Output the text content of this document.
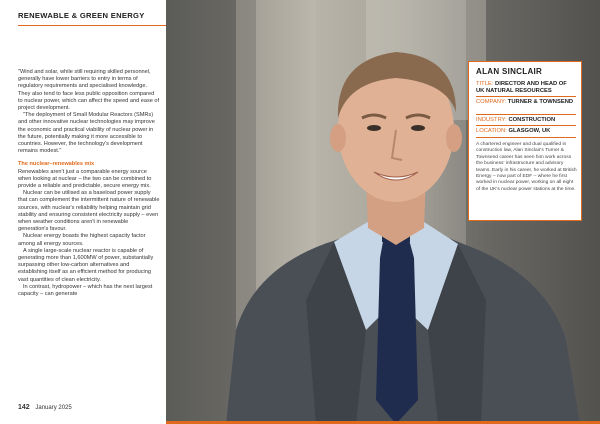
RENEWABLE & GREEN ENERGY

"Wind and solar, while still requiring skilled personnel, generally have lower barriers to entry in terms of regulatory requirements and specialised knowledge. They also tend to face less public opposition compared to nuclear power, which can affect the speed and ease of project development.

"The deployment of Small Modular Reactors (SMRs) and other innovative nuclear technologies may improve the economic and practical viability of nuclear power in the future, potentially making it more accessible to countries. However, the technology's development remains modest."

The nuclear–renewables mix

Renewables aren't just a comparable energy source when looking at nuclear – the two can be combined to provide a reliable and predictable, secure energy mix.

Nuclear can be utilised as a baseload power supply that can complement the intermittent nature of renewable sources, with nuclear's reliability helping maintain grid stability and ensuring consistent electricity supply – even when weather conditions aren't in renewable generation's favour.

Nuclear energy boasts the highest capacity factor among all energy sources.

A single large-scale nuclear reactor is capable of generating more than 1,600MW of power, substantially surpassing other low-carbon alternatives and establishing itself as an efficient method for producing vast quantities of clean electricity.

In contrast, hydropower – which has the next largest capacity – can generate

142 January 2025
ALAN SINCLAIR
TITLE: DIRECTOR AND HEAD OF UK NATURAL RESOURCES
COMPANY: TURNER & TOWNSEND
INDUSTRY: CONSTRUCTION
LOCATION: GLASGOW, UK
A chartered engineer and dual qualified in construction law, Alan Sinclair's Turner & Townsend career has seen him work across the business' infrastructure and advisory teams. Early in his career, he worked at British Energy – now part of EDF – where he first worked in nuclear power, working on all eight of the UK's nuclear power stations at the time.
